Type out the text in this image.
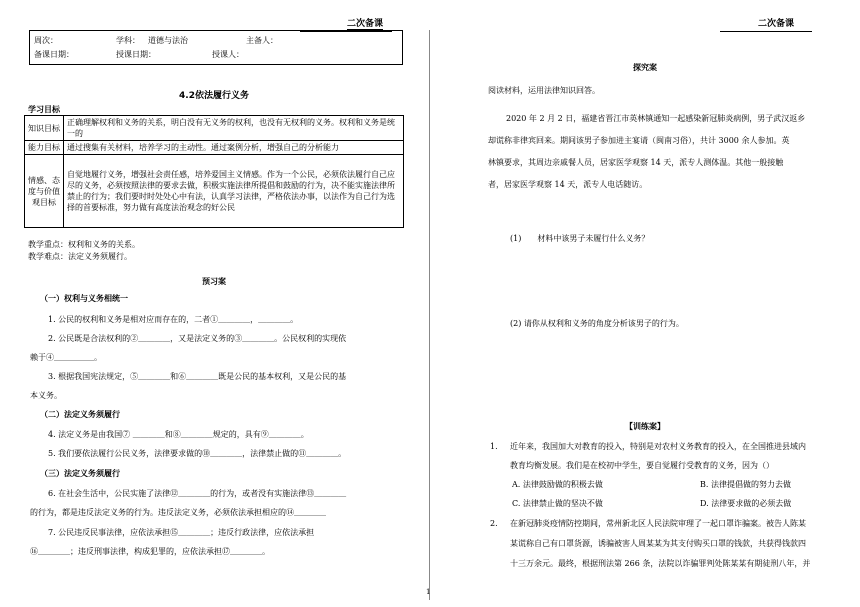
二次备课
周次：	学科： 道德与法治	主备人：
备课日期：	授课日期：	授课人：
4.2依法履行义务
学习目标
知识目标	正确理解权利和义务的关系，明白没有无义务的权利，也没有无权利的义务。权利和义务是统一的
能力目标	通过搜集有关材料，培养学习的主动性。通过案例分析，增强自己的分析能力
情感、态度与价值观目标	自觉地履行义务，增强社会责任感，培养爱国主义情感。作为一个公民，必须依法履行自己应尽的义务，必须按照法律的要求去做，积极实施法律所提倡和鼓励的行为，决不能实施法律所禁止的行为；我们要时时处处心中有法，认真学习法律，严格依法办事，以法作为自己行为选择的首要标准，努力做有高度法治观念的好公民
教学重点：权利和义务的关系。
教学难点：法定义务须履行。
预习案
（一）权利与义务相统一
1. 公民的权利和义务是相对应而存在的，二者①＿＿＿＿，＿＿＿＿。
2. 公民既是合法权利的②＿＿＿＿，又是法定义务的③＿＿＿＿。公民权利的实现依
赖于④＿＿＿＿＿。
3. 根据我国宪法规定，⑤＿＿＿＿和⑥＿＿＿＿既是公民的基本权利，又是公民的基
本义务。
（二）法定义务须履行
4. 法定义务是由我国⑦ ＿＿＿＿和⑧＿＿＿＿规定的，具有⑨＿＿＿＿。
5. 我们要依法履行公民义务，法律要求做的⑩＿＿＿＿，法律禁止做的⑪＿＿＿＿。
（三）法定义务须履行
6. 在社会生活中，公民实施了法律⑫＿＿＿＿的行为，或者没有实施法律⑬＿＿＿＿
的行为，都是违反法定义务的行为。违反法定义务，必须依法承担相应的⑭＿＿＿＿
7. 公民违反民事法律，应依法承担⑮＿＿＿＿；违反行政法律，应依法承担
⑯＿＿＿＿；违反刑事法律，构成犯罪的，应依法承担⑰＿＿＿＿。
1
二次备课
探究案
阅读材料，运用法律知识回答。
2020 年 2 月 2 日，福建省晋江市英林镇通知一起感染新冠肺炎病例，男子武汉返乡
却谎称非律宾回来。期间该男子参加进主宴请（闽南习俗），共计 3000 余人参加。英
林镇要求，其周边亲戚餐人员，居家医学观察 14 天，派专人测体温。其他一般接触
者，居家医学观察 14 天，派专人电话随访。
(1)　　材料中该男子未履行什么义务？
(2) 请你从权利和义务的角度分析该男子的行为。
【训练案】
1. 近年来，我国加大对教育的投入，特别是对农村义务教育的投入，在全国推进县域内
教育均衡发展。我们是在校初中学生，要自觉履行受教育的义务，因为（）
A. 法律鼓励做的积极去做	B. 法律提倡做的努力去做
C. 法律禁止做的坚决不做	D. 法律要求做的必须去做
2. 在新冠肺炎疫情防控期间，常州新北区人民法院审理了一起口罩诈骗案。被告人陈某
某谎称自己有口罩货源，诱骗被害人周某某为其支付购买口罩的钱款，共获得钱款四
十三万余元。最终，根据刑法第 266 条，法院以诈骗罪判处陈某某有期徒刑八年，并
